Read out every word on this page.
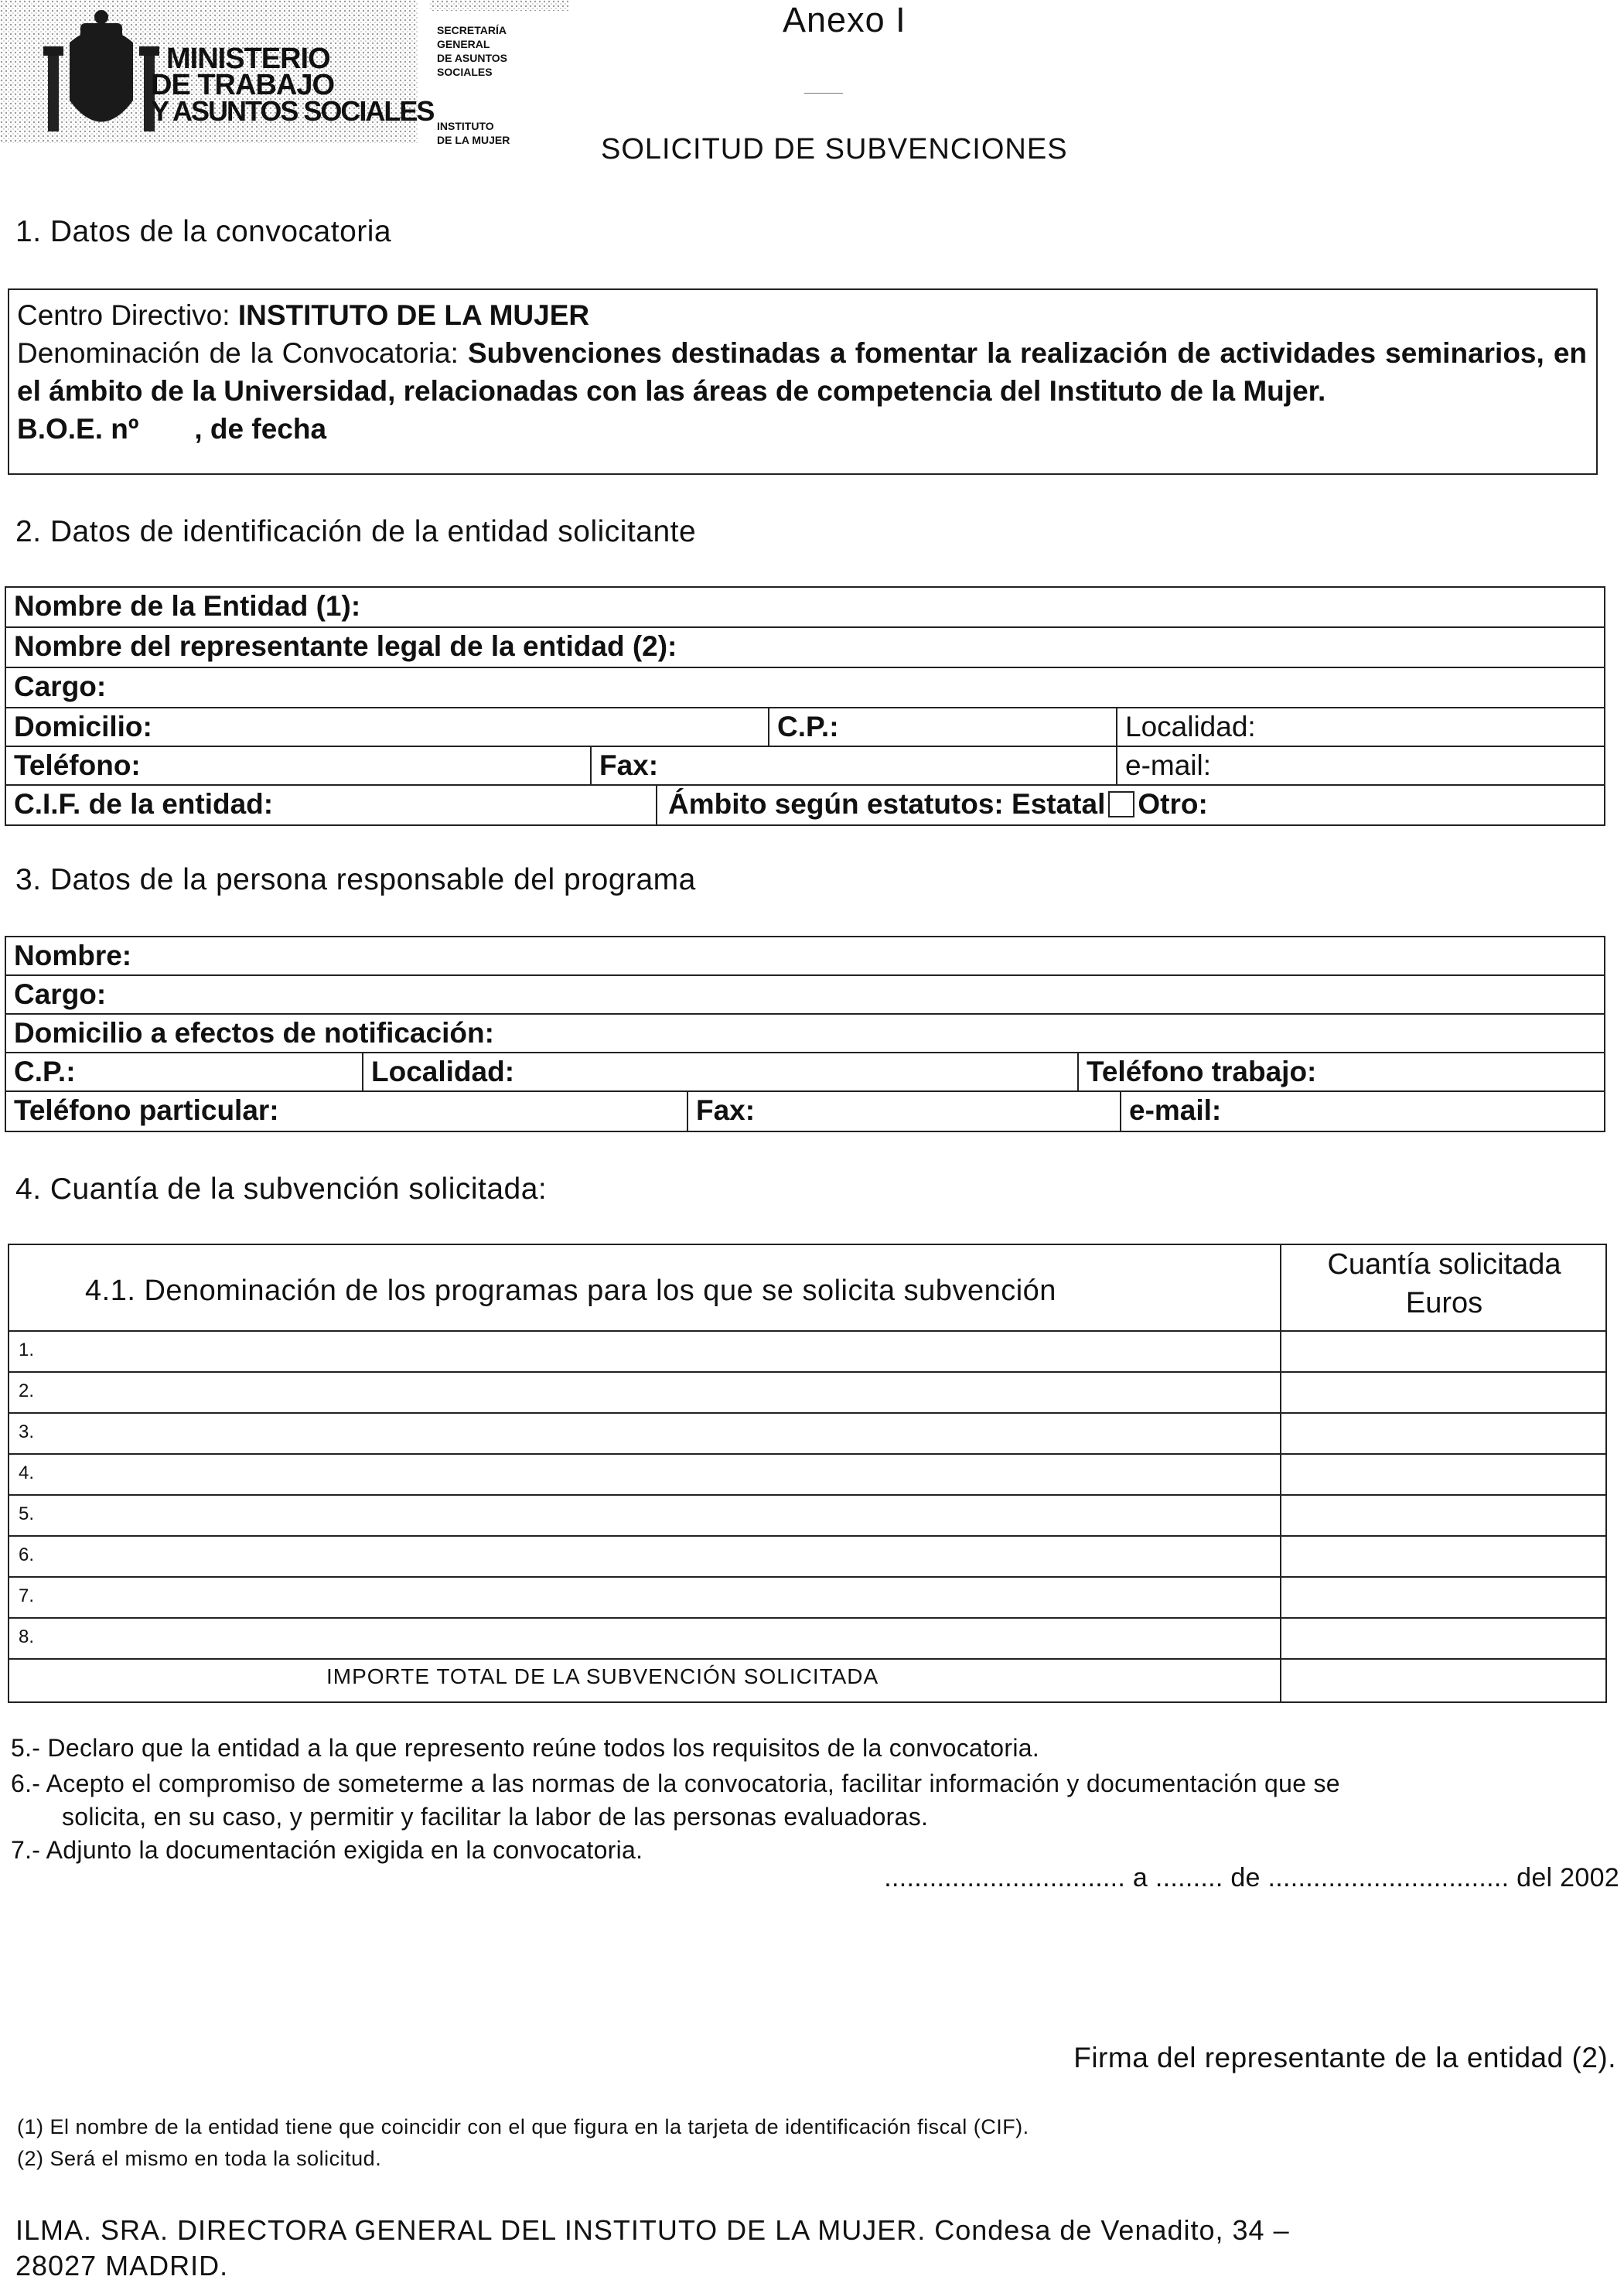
MINISTERIO
DE TRABAJO
Y ASUNTOS SOCIALES
SECRETARÍA
GENERAL
DE ASUNTOS
SOCIALES
INSTITUTO
DE LA MUJER
Anexo I
SOLICITUD DE SUBVENCIONES
1. Datos de la convocatoria
Centro Directivo: INSTITUTO DE LA MUJER
Denominación de la Convocatoria: Subvenciones destinadas a fomentar la realización de actividades seminarios, en el ámbito de la Universidad, relacionadas con las áreas de competencia del Instituto de la Mujer.
B.O.E. nº       , de fecha
2. Datos de identificación de la entidad solicitante
Nombre de la Entidad (1):
Nombre del representante legal de la entidad (2):
Cargo:
Domicilio:	C.P.:	Localidad:
Teléfono:	Fax:	e-mail:
C.I.F. de la entidad:	Ámbito según estatutos: Estatal Otro:
3. Datos de la persona responsable del programa
Nombre:
Cargo:
Domicilio a efectos de notificación:
C.P.:	Localidad:	Teléfono trabajo:
Teléfono particular:	Fax:	e-mail:
4. Cuantía de la subvención solicitada:
4.1. Denominación de los programas para los que se solicita subvención
Cuantía solicitada
Euros
1.
2.
3.
4.
5.
6.
7.
8.
IMPORTE TOTAL DE LA SUBVENCIÓN SOLICITADA
5.- Declaro que la entidad a la que represento reúne todos los requisitos de la convocatoria.
6.- Acepto el compromiso de someterme a las normas de la convocatoria, facilitar información y documentación que se
solicita, en su caso, y permitir y facilitar la labor de las personas evaluadoras.
7.- Adjunto la documentación exigida en la convocatoria.
................................ a ......... de ................................ del 2002
Firma del representante de la entidad (2).
(1) El nombre de la entidad tiene que coincidir con el que figura en la tarjeta de identificación fiscal (CIF).
(2) Será el mismo en toda la solicitud.
ILMA. SRA. DIRECTORA GENERAL DEL INSTITUTO DE LA MUJER. Condesa de Venadito, 34 –
28027 MADRID.
